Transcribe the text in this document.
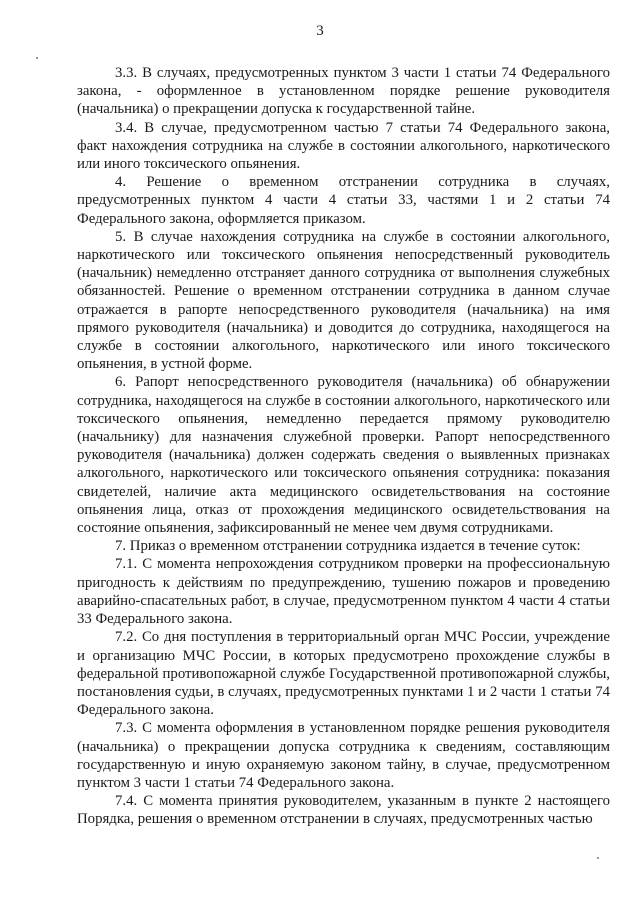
3

3.3. В случаях, предусмотренных пунктом 3 части 1 статьи 74 Федерального закона, - оформленное в установленном порядке решение руководителя (начальника) о прекращении допуска к государственной тайне.

3.4. В случае, предусмотренном частью 7 статьи 74 Федерального закона, факт нахождения сотрудника на службе в состоянии алкогольного, наркотического или иного токсического опьянения.

4. Решение о временном отстранении сотрудника в случаях, предусмотренных пунктом 4 части 4 статьи 33, частями 1 и 2 статьи 74 Федерального закона, оформляется приказом.

5. В случае нахождения сотрудника на службе в состоянии алкогольного, наркотического или токсического опьянения непосредственный руководитель (начальник) немедленно отстраняет данного сотрудника от выполнения служебных обязанностей. Решение о временном отстранении сотрудника в данном случае отражается в рапорте непосредственного руководителя (начальника) на имя прямого руководителя (начальника) и доводится до сотрудника, находящегося на службе в состоянии алкогольного, наркотического или иного токсического опьянения, в устной форме.

6. Рапорт непосредственного руководителя (начальника) об обнаружении сотрудника, находящегося на службе в состоянии алкогольного, наркотического или токсического опьянения, немедленно передается прямому руководителю (начальнику) для назначения служебной проверки. Рапорт непосредственного руководителя (начальника) должен содержать сведения о выявленных признаках алкогольного, наркотического или токсического опьянения сотрудника: показания свидетелей, наличие акта медицинского освидетельствования на состояние опьянения лица, отказ от прохождения медицинского освидетельствования на состояние опьянения, зафиксированный не менее чем двумя сотрудниками.

7. Приказ о временном отстранении сотрудника издается в течение суток:

7.1. С момента непрохождения сотрудником проверки на профессиональную пригодность к действиям по предупреждению, тушению пожаров и проведению аварийно-спасательных работ, в случае, предусмотренном пунктом 4 части 4 статьи 33 Федерального закона.

7.2. Со дня поступления в территориальный орган МЧС России, учреждение и организацию МЧС России, в которых предусмотрено прохождение службы в федеральной противопожарной службе Государственной противопожарной службы, постановления судьи, в случаях, предусмотренных пунктами 1 и 2 части 1 статьи 74 Федерального закона.

7.3. С момента оформления в установленном порядке решения руководителя (начальника) о прекращении допуска сотрудника к сведениям, составляющим государственную и иную охраняемую законом тайну, в случае, предусмотренном пунктом 3 части 1 статьи 74 Федерального закона.

7.4. С момента принятия руководителем, указанным в пункте 2 настоящего Порядка, решения о временном отстранении в случаях, предусмотренных частью
